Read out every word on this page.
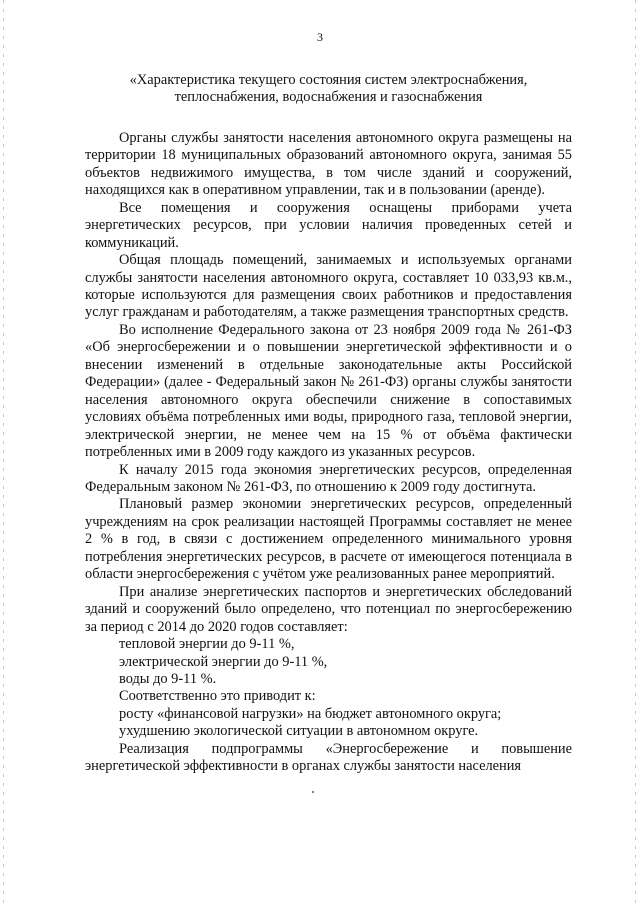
3
«Характеристика текущего состояния систем электроснабжения,
теплоснабжения, водоснабжения и газоснабжения

Органы службы занятости населения автономного округа размещены на территории 18 муниципальных образований автономного округа, занимая 55 объектов недвижимого имущества, в том числе зданий и сооружений, находящихся как в оперативном управлении, так и в пользовании (аренде).

Все помещения и сооружения оснащены приборами учета энергетических ресурсов, при условии наличия проведенных сетей и коммуникаций.

Общая площадь помещений, занимаемых и используемых органами службы занятости населения автономного округа, составляет 10 033,93 кв.м., которые используются для размещения своих работников и предоставления услуг гражданам и работодателям, а также размещения транспортных средств.

Во исполнение Федерального закона от 23 ноября 2009 года № 261-ФЗ «Об энергосбережении и о повышении энергетической эффективности и о внесении изменений в отдельные законодательные акты Российской Федерации» (далее - Федеральный закон № 261-ФЗ) органы службы занятости населения автономного округа обеспечили снижение в сопоставимых условиях объёма потребленных ими воды, природного газа, тепловой энергии, электрической энергии, не менее чем на 15 % от объёма фактически потребленных ими в 2009 году каждого из указанных ресурсов.

К началу 2015 года экономия энергетических ресурсов, определенная Федеральным законом № 261-ФЗ, по отношению к 2009 году достигнута.

Плановый размер экономии энергетических ресурсов, определенный учреждениям на срок реализации настоящей Программы составляет не менее 2 % в год, в связи с достижением определенного минимального уровня потребления энергетических ресурсов, в расчете от имеющегося потенциала в области энергосбережения с учётом уже реализованных ранее мероприятий.

При анализе энергетических паспортов и энергетических обследований зданий и сооружений было определено, что потенциал по энергосбережению за период с 2014 до 2020 годов составляет:

тепловой энергии до 9-11 %,

электрической энергии до 9-11 %,

воды до 9-11 %.

Соответственно это приводит к:

росту «финансовой нагрузки» на бюджет автономного округа;

ухудшению экологической ситуации в автономном округе.

Реализация подпрограммы «Энергосбережение и повышение энергетической эффективности в органах службы занятости населения
